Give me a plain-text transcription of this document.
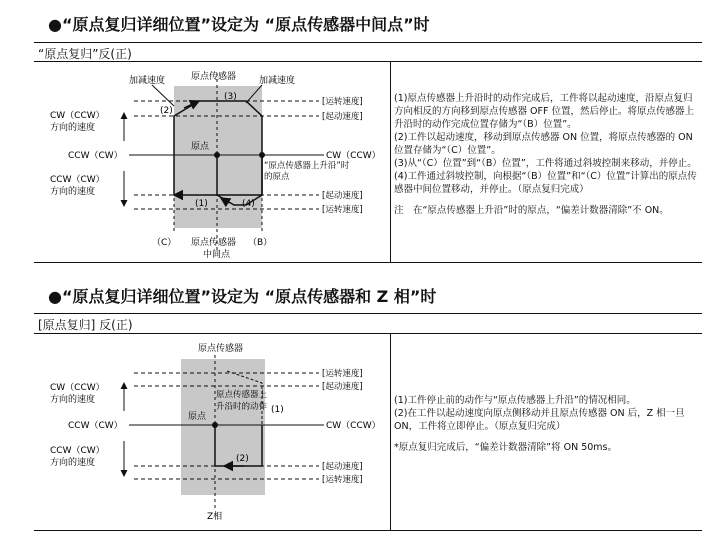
●“原点复归详细位置”设定为 “原点传感器中间点”时
“原点复归”反(正)
加减速度	原点传感器	加减速度
(3)
(2)
(1)	(4)
CW（CCW）
方向的速度
CCW（CW）
方向的速度
CCW（CW）	CW（CCW）
原点
“原点传感器上升沿”时
的原点
[运转速度]
[起动速度]
[起动速度]
[运转速度]
（C） 原点传感器 （B）
中间点

(1)原点传感器上升沿时的动作完成后，工件将以起动速度，沿原点复归方向相反的方向移到原点传感器 OFF 位置，然后停止。将原点传感器上升沿时的动作完成位置存储为“（B）位置”。

(2)工件以起动速度，移动到原点传感器 ON 位置，将原点传感器的 ON 位置存储为“（C）位置”。

(3)从“（C）位置”到“（B）位置”，工件将通过斜坡控制来移动，并停止。

(4)工件通过斜坡控制，向根据“（B）位置”和“（C）位置”计算出的原点传感器中间位置移动，并停止。（原点复归完成）

注　在“原点传感器上升沿”时的原点，“偏差计数器清除”不 ON。

●“原点复归详细位置”设定为 “原点传感器和 Z 相”时
[原点复归] 反(正)
原点传感器
[运转速度]
[起动速度]
CW（CCW）
方向的速度	原点传感器上
升沿时的动作 (1)
原点
CCW（CW）	CW（CCW）
CCW（CW）
方向的速度	(2)
[起动速度]
[运转速度]
Z相

(1)工件停止前的动作与“原点传感器上升沿”的情况相同。

(2)在工件以起动速度向原点侧移动并且原点传感器 ON 后，Z 相一旦 ON，工件将立即停止。（原点复归完成）

*原点复归完成后，“偏差计数器清除”将 ON 50ms。
